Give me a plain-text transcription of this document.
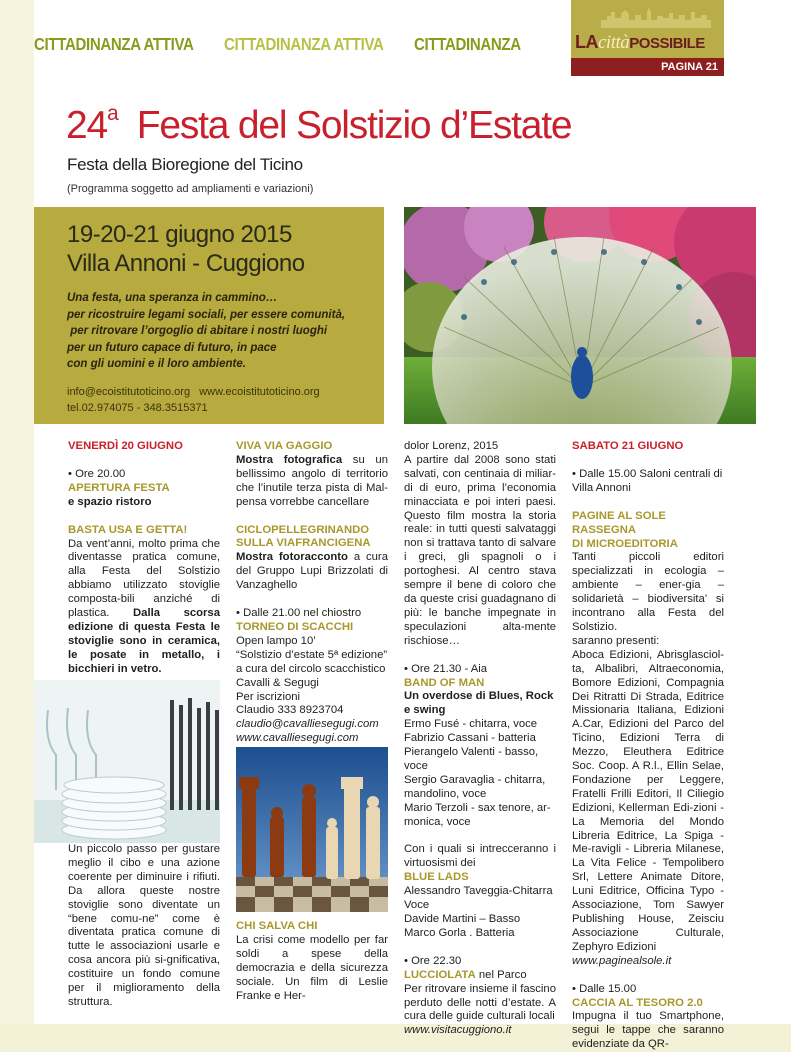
CITTADINANZA ATTIVA CITTADINANZA ATTIVA CITTADINANZA	LAcittàPOSSIBILE
PAGINA 21
24$^a$ Festa del Solstizio d’Estate
Festa della Bioregione del Ticino
(Programma soggetto ad ampliamenti e variazioni)
19-20-21 giugno 2015
Villa Annoni - Cuggiono
Una festa, una speranza in cammino…
per ricostruire legami sociali, per essere comunità,
per ritrovare l’orgoglio di abitare i nostri luoghi
per un futuro capace di futuro, in pace
con gli uomini e il loro ambiente.
info@ecoistitutoticino.org   www.ecoistitutoticino.org
tel.02.974075 - 348.3515371

VENERDÌ 20 GIUGNO

• Ore 20.00

APERTURA FESTA

e spazio ristoro

BASTA USA E GETTA!

Da vent’anni, molto prima che diventasse pratica comune, alla Festa del Solstizio abbiamo utilizzato stoviglie composta-bili anziché di plastica. Dalla scorsa edizione di questa Festa le stoviglie sono in ceramica, le posate in metallo, i bicchieri in vetro.

Un piccolo passo per gustare meglio il cibo e una azione coerente per diminuire i rifiuti. Da allora queste nostre stoviglie sono diventate un “bene comu-ne” come è diventata pratica comune di tutte le associazioni usarle e cosa ancora più si-gnificativa, costituire un fondo comune per il miglioramento della struttura.

VIVA VIA GAGGIO

Mostra fotografica su un bellissimo angolo di territorio che l’inutile terza pista di Mal-pensa vorrebbe cancellare

CICLOPELLEGRINANDO

SULLA VIAFRANCIGENA

Mostra fotoracconto a cura del Gruppo Lupi Brizzolati di Vanzaghello

• Dalle 21.00 nel chiostro

TORNEO DI SCACCHI

Open lampo 10’

“Solstizio d’estate 5ª edizione”

a cura del circolo scacchistico

Cavalli & Segugi

Per iscrizioni

Claudio 333 8923704

claudio@cavalliesegugi.com

www.cavalliesegugi.com

CHI SALVA CHI

La crisi come modello per far soldi a spese della democrazia e della sicurezza sociale. Un film di Leslie Franke e Her-

dolor Lorenz, 2015

A partire dal 2008 sono stati salvati, con centinaia di miliar-di di euro, prima l’economia minacciata e poi interi paesi. Questo film mostra la storia reale: in tutti questi salvataggi non si trattava tanto di salvare i greci, gli spagnoli o i portoghesi. Al centro stava sempre il bene di coloro che da queste crisi guadagnano di più: le banche impegnate in speculazioni alta-mente rischiose…

• Ore 21.30 - Aia

BAND OF MAN

Un overdose di Blues, Rock e swing

Ermo Fusé - chitarra, voce

Fabrizio Cassani - batteria

Pierangelo Valenti - basso, voce

Sergio Garavaglia - chitarra, mandolino, voce

Mario Terzoli - sax tenore, ar-monica, voce

Con i quali si intrecceranno i virtuosismi dei

BLUE LADS

Alessandro Taveggia-Chitarra

Voce

Davide Martini – Basso

Marco Gorla . Batteria

• Ore 22.30

LUCCIOLATA nel Parco

Per ritrovare insieme il fascino perduto delle notti d’estate. A cura delle guide culturali locali

www.visitacuggiono.it

SABATO 21 GIUGNO

• Dalle 15.00 Saloni centrali di Villa Annoni

PAGINE AL SOLE

RASSEGNA

DI MICROEDITORIA

Tanti piccoli editori specializzati in ecologia – ambiente – ener-gia – solidarietà – biodiversita’ si incontrano alla Festa del Solstizio.

saranno presenti:

Aboca Edizioni, Abrisglasciol-ta, Albalibri, Altraeconomia, Bomore Edizioni, Compagnia Dei Ritratti Di Strada, Editrice Missionaria Italiana, Edizioni A.Car, Edizioni del Parco del Ticino, Edizioni Terra di Mezzo, Eleuthera Editrice Soc. Coop. A R.l., Ellin Selae, Fondazione per Leggere, Fratelli Frilli Editori, Il Ciliegio Edizioni, Kellerman Edi-zioni - La Memoria del Mondo Libreria Editrice, La Spiga - Me-ravigli - Libreria Milanese, La Vita Felice - Tempolibero Srl, Lettere Animate Ditore, Luni Editrice, Officina Typo - Associazione, Tom Sawyer Publishing House, Zeisciu Associazione Culturale, Zephyro Edizioni

www.paginealsole.it

• Dalle 15.00

CACCIA AL TESORO 2.0

Impugna il tuo Smartphone, segui le tappe che saranno evidenziate da QR-
